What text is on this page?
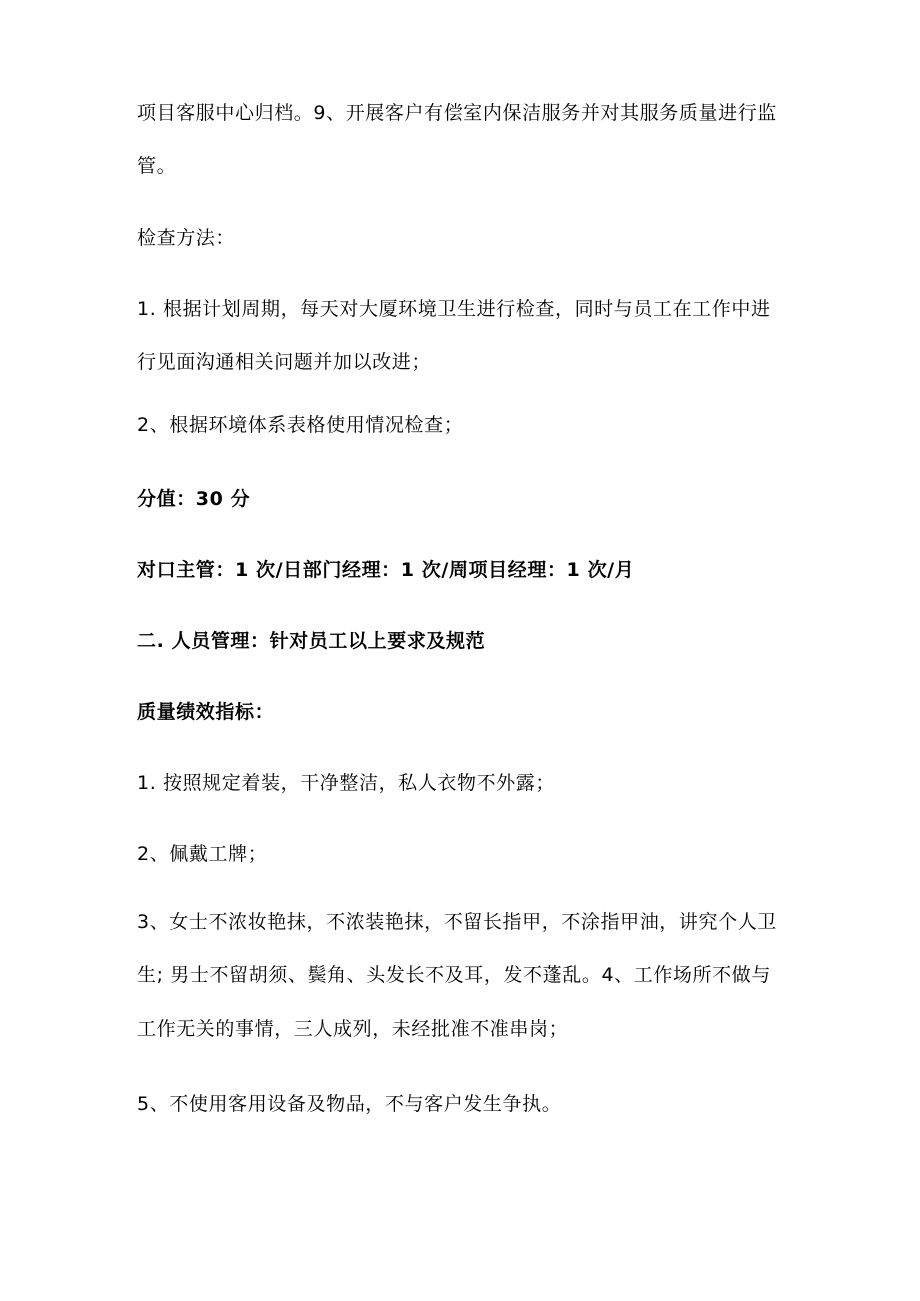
项目客服中心归档。9、开展客户有偿室内保洁服务并对其服务质量进行监
管。
检查方法：
1. 根据计划周期，每天对大厦环境卫生进行检查，同时与员工在工作中进
行见面沟通相关问题并加以改进；
2、根据环境体系表格使用情况检查；
分值：30 分
对口主管：1 次/日部门经理：1 次/周项目经理：1 次/月
二. 人员管理：针对员工以上要求及规范
质量绩效指标：
1. 按照规定着装，干净整洁，私人衣物不外露；
2、佩戴工牌；
3、女士不浓妆艳抹，不浓装艳抹，不留长指甲，不涂指甲油，讲究个人卫
生; 男士不留胡须、鬓角、头发长不及耳，发不蓬乱。4、工作场所不做与
工作无关的事情，三人成列，未经批准不准串岗；
5、不使用客用设备及物品，不与客户发生争执。
